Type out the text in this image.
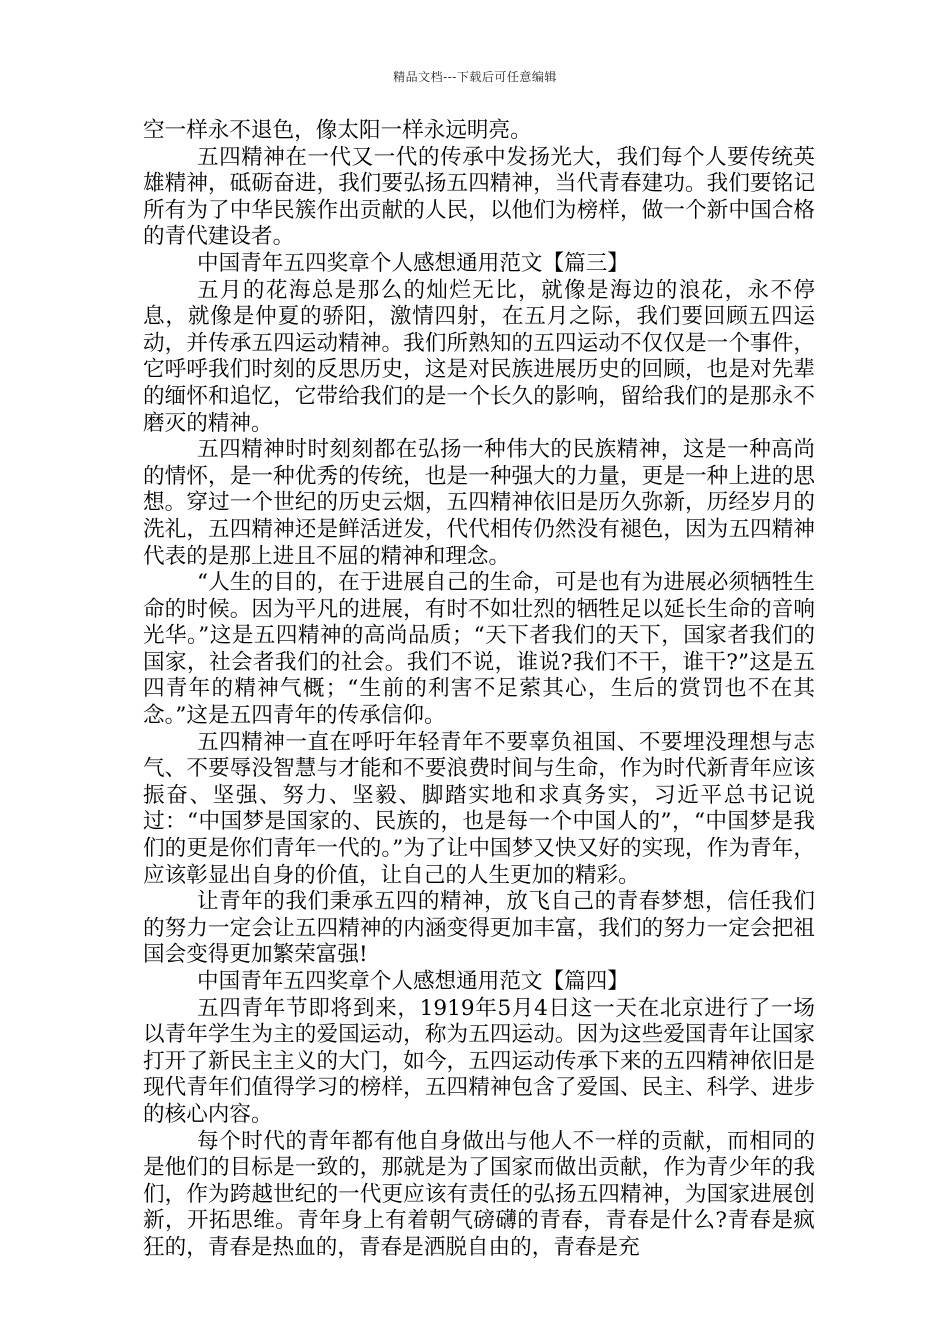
精品文档---下载后可任意编辑

空一样永不退色，像太阳一样永远明亮。

五四精神在一代又一代的传承中发扬光大，我们每个人要传统英雄精神，砥砺奋进，我们要弘扬五四精神，当代青春建功。我们要铭记所有为了中华民簇作出贡献的人民，以他们为榜样，做一个新中国合格的青代建设者。

中国青年五四奖章个人感想通用范文【篇三】

五月的花海总是那么的灿烂无比，就像是海边的浪花，永不停息，就像是仲夏的骄阳，激情四射，在五月之际，我们要回顾五四运动，并传承五四运动精神。我们所熟知的五四运动不仅仅是一个事件，它呼呼我们时刻的反思历史，这是对民族进展历史的回顾，也是对先辈的缅怀和追忆，它带给我们的是一个长久的影响，留给我们的是那永不磨灭的精神。

五四精神时时刻刻都在弘扬一种伟大的民族精神，这是一种高尚的情怀，是一种优秀的传统，也是一种强大的力量，更是一种上进的思想。穿过一个世纪的历史云烟，五四精神依旧是历久弥新，历经岁月的洗礼，五四精神还是鲜活迸发，代代相传仍然没有褪色，因为五四精神代表的是那上进且不屈的精神和理念。

“人生的目的，在于进展自己的生命，可是也有为进展必须牺牲生命的时候。因为平凡的进展，有时不如壮烈的牺牲足以延长生命的音响光华。”这是五四精神的高尚品质；“天下者我们的天下，国家者我们的国家，社会者我们的社会。我们不说，谁说?我们不干，谁干?”这是五四青年的精神气概；“生前的利害不足萦其心，生后的赏罚也不在其念。”这是五四青年的传承信仰。

五四精神一直在呼吁年轻青年不要辜负祖国、不要埋没理想与志气、不要辱没智慧与才能和不要浪费时间与生命，作为时代新青年应该振奋、坚强、努力、坚毅、脚踏实地和求真务实，习近平总书记说过：“中国梦是国家的、民族的，也是每一个中国人的”，“中国梦是我们的更是你们青年一代的。”为了让中国梦又快又好的实现，作为青年，应该彰显出自身的价值，让自己的人生更加的精彩。

让青年的我们秉承五四的精神，放飞自己的青春梦想，信任我们的努力一定会让五四精神的内涵变得更加丰富，我们的努力一定会把祖国会变得更加繁荣富强!

中国青年五四奖章个人感想通用范文【篇四】

五四青年节即将到来，1919年5月4日这一天在北京进行了一场以青年学生为主的爱国运动，称为五四运动。因为这些爱国青年让国家打开了新民主主义的大门，如今，五四运动传承下来的五四精神依旧是现代青年们值得学习的榜样，五四精神包含了爱国、民主、科学、进步的核心内容。

每个时代的青年都有他自身做出与他人不一样的贡献，而相同的是他们的目标是一致的，那就是为了国家而做出贡献，作为青少年的我们，作为跨越世纪的一代更应该有责任的弘扬五四精神，为国家进展创新，开拓思维。青年身上有着朝气磅礴的青春，青春是什么?青春是疯狂的，青春是热血的，青春是洒脱自由的，青春是充
